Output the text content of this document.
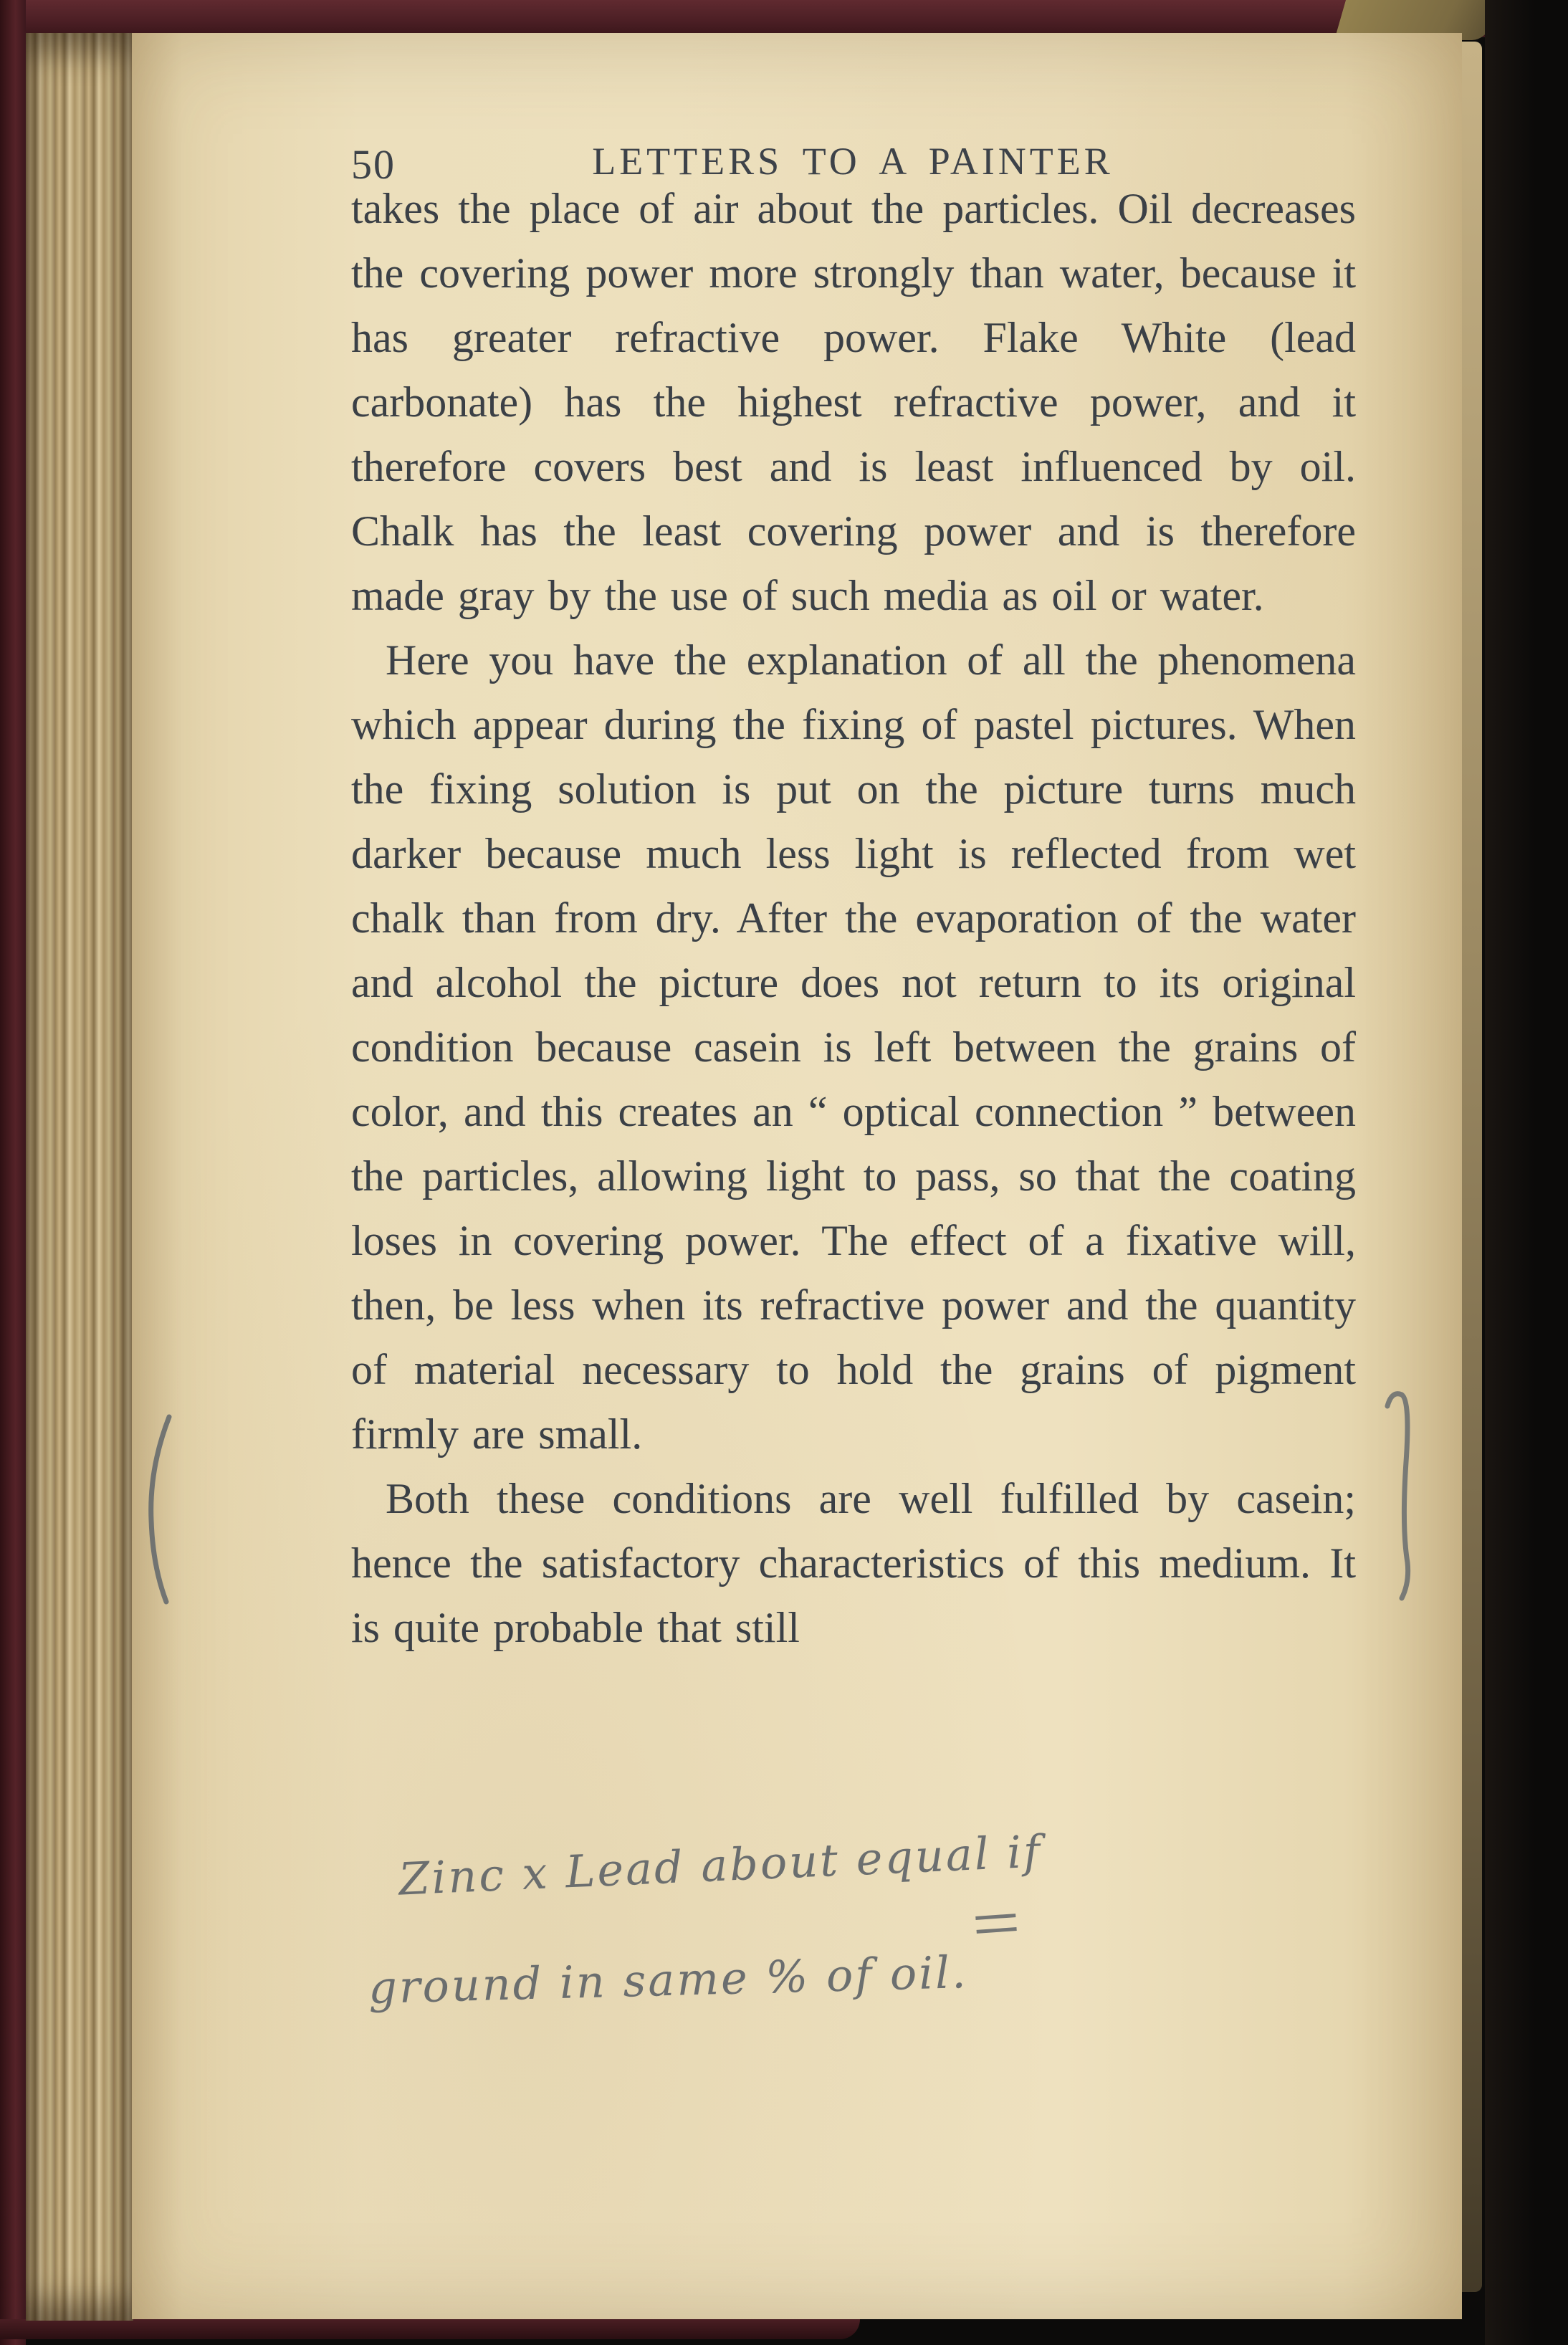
50	LETTERS TO A PAINTER

takes the place of air about the particles. Oil decreases the covering power more strongly than water, because it has greater refractive power. Flake White (lead carbonate) has the highest refractive power, and it therefore covers best and is least influenced by oil. Chalk has the least covering power and is therefore made gray by the use of such media as oil or water.

Here you have the explanation of all the phenomena which appear during the fixing of pastel pictures. When the fixing solution is put on the picture turns much darker because much less light is reflected from wet chalk than from dry. After the evaporation of the water and alcohol the picture does not return to its original condition because casein is left between the grains of color, and this creates an “ optical connection ” between the particles, allowing light to pass, so that the coating loses in covering power. The effect of a fixative will, then, be less when its refractive power and the quantity of material necessary to hold the grains of pigment firmly are small.

Both these conditions are well fulfilled by casein; hence the satisfactory characteristics of this medium. It is quite probable that still

Zinc x Lead about equal if
ground in same % of oil.
